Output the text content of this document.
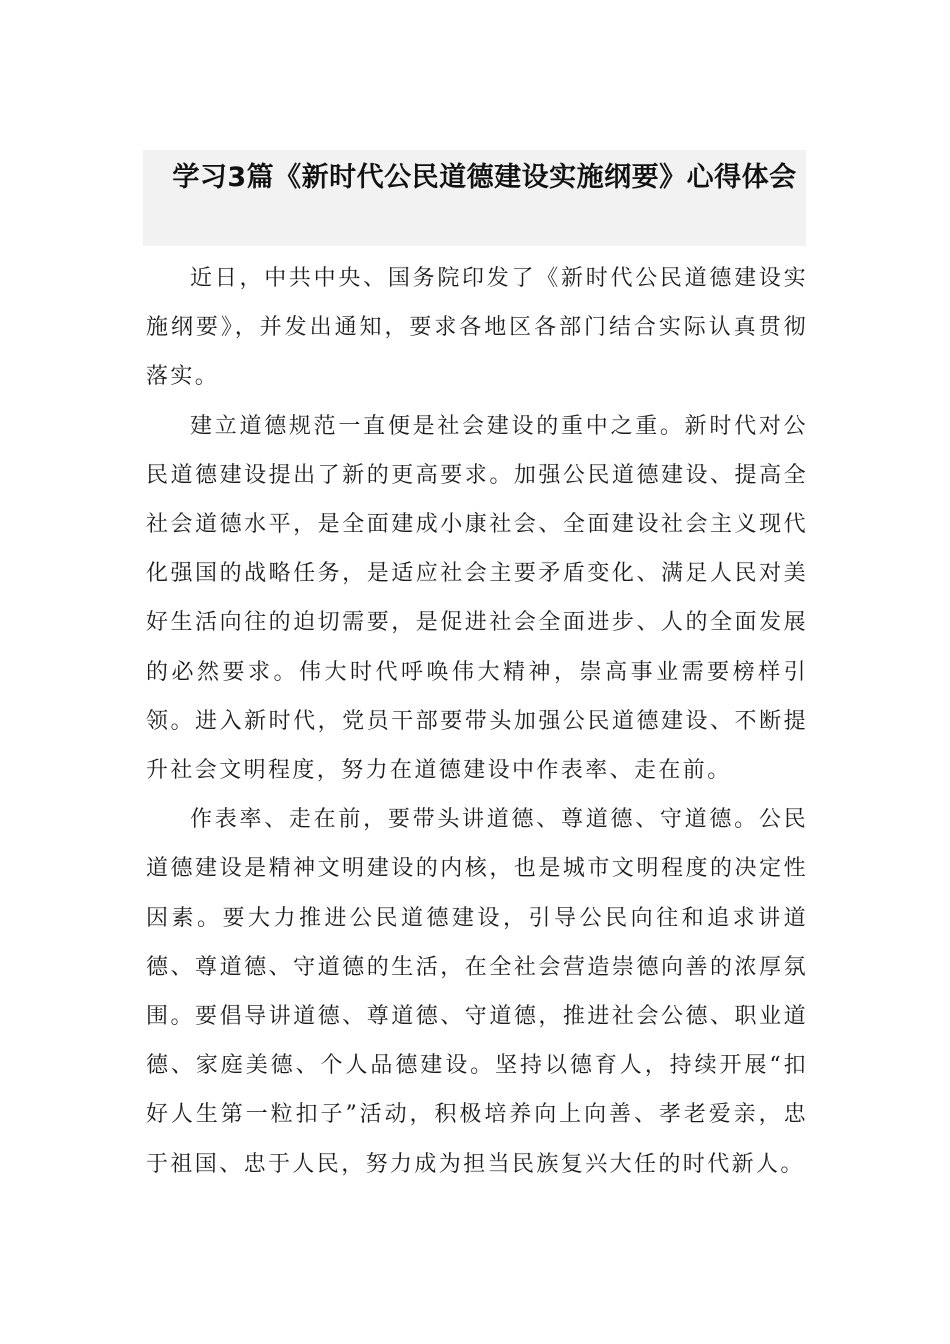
学习3篇《新时代公民道德建设实施纲要》心得体会

近日，中共中央、国务院印发了《新时代公民道德建设实施纲要》，并发出通知，要求各地区各部门结合实际认真贯彻落实。

建立道德规范一直便是社会建设的重中之重。新时代对公民道德建设提出了新的更高要求。加强公民道德建设、提高全社会道德水平，是全面建成小康社会、全面建设社会主义现代化强国的战略任务，是适应社会主要矛盾变化、满足人民对美好生活向往的迫切需要，是促进社会全面进步、人的全面发展的必然要求。伟大时代呼唤伟大精神，崇高事业需要榜样引领。进入新时代，党员干部要带头加强公民道德建设、不断提升社会文明程度，努力在道德建设中作表率、走在前。

作表率、走在前，要带头讲道德、尊道德、守道德。公民道德建设是精神文明建设的内核，也是城市文明程度的决定性因素。要大力推进公民道德建设，引导公民向往和追求讲道德、尊道德、守道德的生活，在全社会营造崇德向善的浓厚氛围。要倡导讲道德、尊道德、守道德，推进社会公德、职业道德、家庭美德、个人品德建设。坚持以德育人，持续开展“扣好人生第一粒扣子”活动，积极培养向上向善、孝老爱亲，忠于祖国、忠于人民，努力成为担当民族复兴大任的时代新人。
